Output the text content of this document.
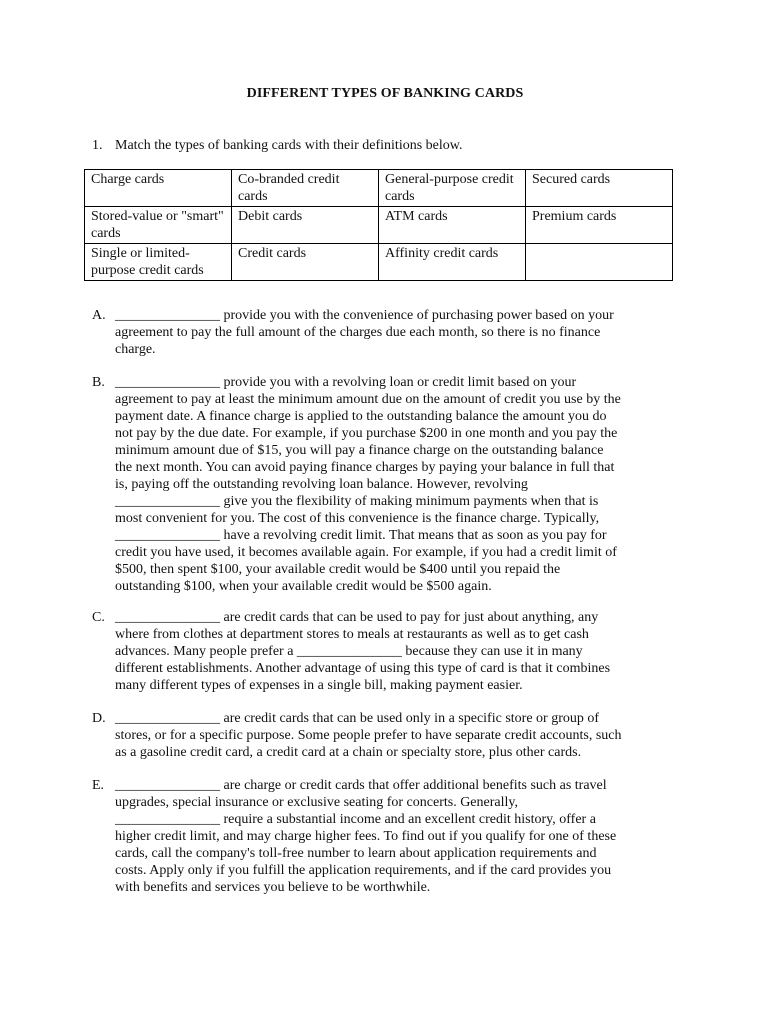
DIFFERENT TYPES OF BANKING CARDS
1. Match the types of banking cards with their definitions below.
Charge cards	Co-branded credit cards	General-purpose credit cards	Secured cards
Stored-value or "smart" cards	Debit cards	ATM cards	Premium cards
Single or limited-purpose credit cards	Credit cards	Affinity credit cards	
A. _______________ provide you with the convenience of purchasing power based on your

agreement to pay the full amount of the charges due each month, so there is no finance

charge.

B. _______________ provide you with a revolving loan or credit limit based on your

agreement to pay at least the minimum amount due on the amount of credit you use by the

payment date. A finance charge is applied to the outstanding balance the amount you do

not pay by the due date. For example, if you purchase $200 in one month and you pay the

minimum amount due of $15, you will pay a finance charge on the outstanding balance

the next month. You can avoid paying finance charges by paying your balance in full that

is, paying off the outstanding revolving loan balance. However, revolving

_______________ give you the flexibility of making minimum payments when that is

most convenient for you. The cost of this convenience is the finance charge. Typically,

_______________ have a revolving credit limit. That means that as soon as you pay for

credit you have used, it becomes available again. For example, if you had a credit limit of

$500, then spent $100, your available credit would be $400 until you repaid the

outstanding $100, when your available credit would be $500 again.

C. _______________ are credit cards that can be used to pay for just about anything, any

where from clothes at department stores to meals at restaurants as well as to get cash

advances. Many people prefer a _______________ because they can use it in many

different establishments. Another advantage of using this type of card is that it combines

many different types of expenses in a single bill, making payment easier.

D. _______________ are credit cards that can be used only in a specific store or group of

stores, or for a specific purpose. Some people prefer to have separate credit accounts, such

as a gasoline credit card, a credit card at a chain or specialty store, plus other cards.

E. _______________ are charge or credit cards that offer additional benefits such as travel

upgrades, special insurance or exclusive seating for concerts. Generally,

_______________ require a substantial income and an excellent credit history, offer a

higher credit limit, and may charge higher fees. To find out if you qualify for one of these

cards, call the company's toll-free number to learn about application requirements and

costs. Apply only if you fulfill the application requirements, and if the card provides you

with benefits and services you believe to be worthwhile.
